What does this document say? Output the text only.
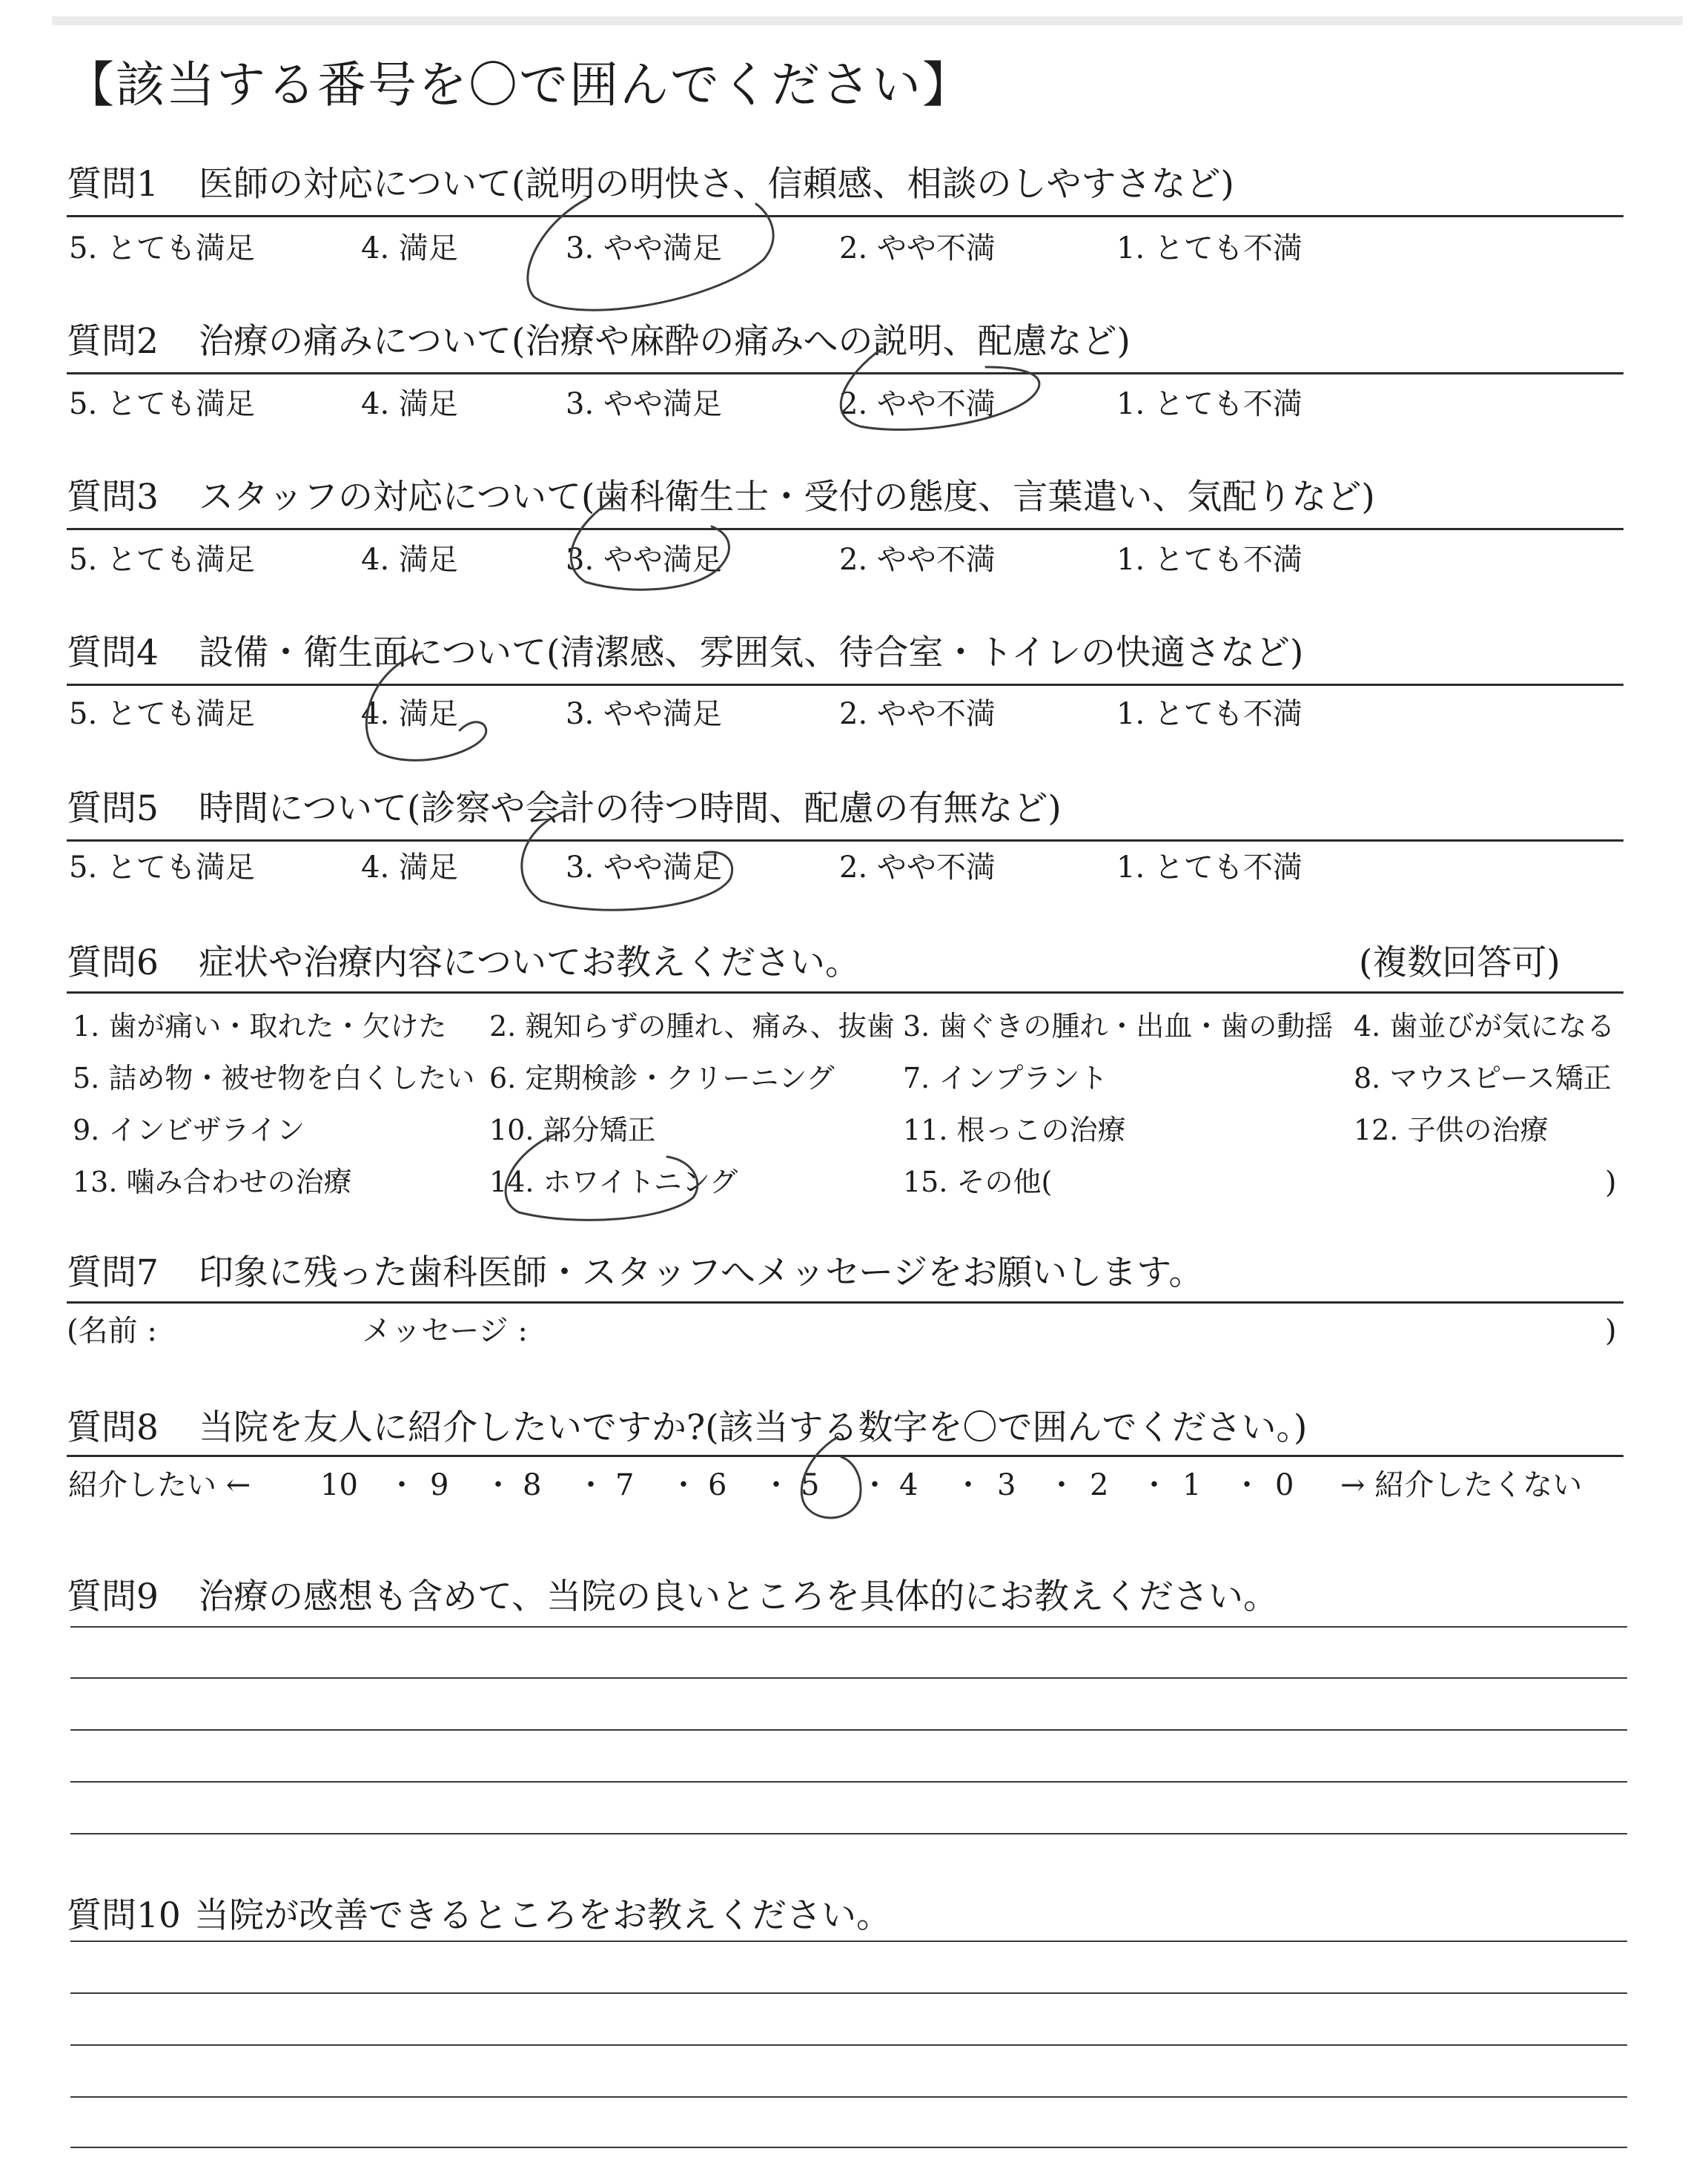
【該当する番号を〇で囲んでください】
質問1 医師の対応について(説明の明快さ、信頼感、相談のしやすさなど)
5. とても満足	4. 満足	3. やや満足	2. やや不満	1. とても不満
質問2 治療の痛みについて(治療や麻酔の痛みへの説明、配慮など)
5. とても満足	4. 満足	3. やや満足	2. やや不満	1. とても不満
質問3 スタッフの対応について(歯科衛生士・受付の態度、言葉遣い、気配りなど)
5. とても満足	4. 満足	3. やや満足	2. やや不満	1. とても不満
質問4 設備・衛生面について(清潔感、雰囲気、待合室・トイレの快適さなど)
5. とても満足	4. 満足	3. やや満足	2. やや不満	1. とても不満
質問5 時間について(診察や会計の待つ時間、配慮の有無など)
5. とても満足	4. 満足	3. やや満足	2. やや不満	1. とても不満
質問6 症状や治療内容についてお教えください。	(複数回答可)
1. 歯が痛い・取れた・欠けた 2. 親知らずの腫れ、痛み、抜歯 3. 歯ぐきの腫れ・出血・歯の動揺 4. 歯並びが気になる
5. 詰め物・被せ物を白くしたい 6. 定期検診・クリーニング 7. インプラント	8. マウスピース矯正
9. インビザライン	10. 部分矯正	11. 根っこの治療	12. 子供の治療
13. 噛み合わせの治療	14. ホワイトニング	15. その他(	)
質問7 印象に残った歯科医師・スタッフへメッセージをお願いします。
(名前 :	メッセージ :	)
質問8 当院を友人に紹介したいですか?(該当する数字を〇で囲んでください。)
紹介したい ← 10 9 8 7 6 5	4	3 2 1 0
・ ・ ・ ・ ・ ・ ・ ・ ・ ・	→ 紹介したくない
質問9 治療の感想も含めて、当院の良いところを具体的にお教えください。
質問10 当院が改善できるところをお教えください。
